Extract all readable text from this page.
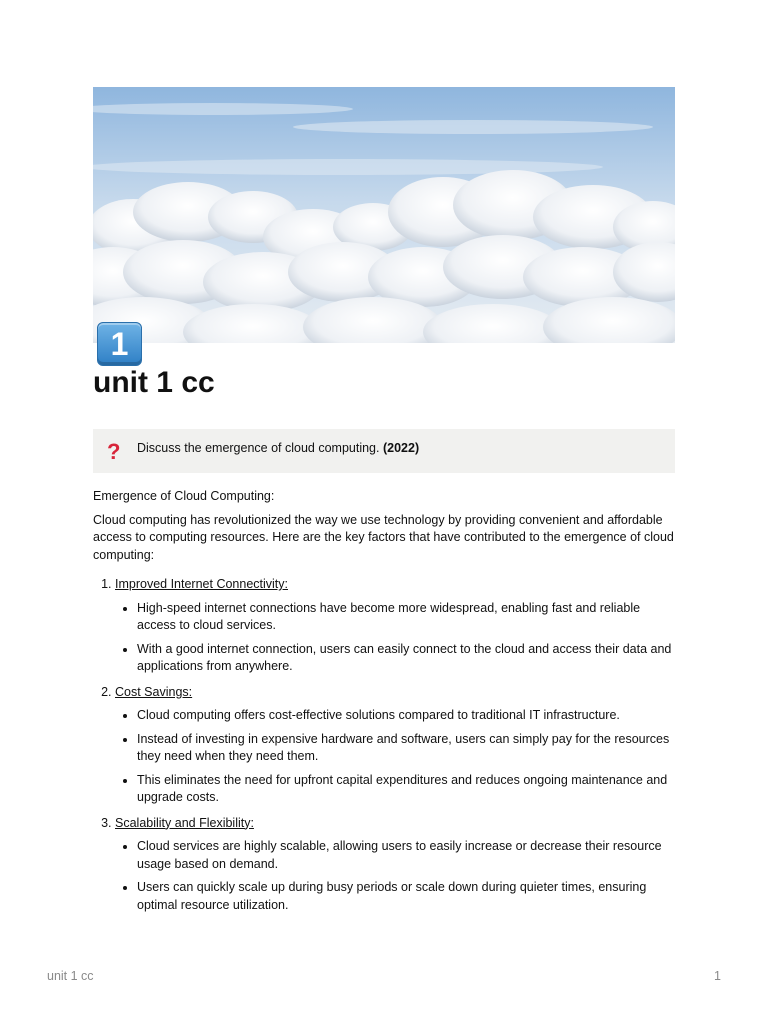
1
unit 1 cc
? Discuss the emergence of cloud computing. (2022)

Emergence of Cloud Computing:

Cloud computing has revolutionized the way we use technology by providing convenient and affordable access to computing resources. Here are the key factors that have contributed to the emergence of cloud computing:

1. Improved Internet Connectivity:
• High-speed internet connections have become more widespread, enabling fast and reliable access to cloud services.
• With a good internet connection, users can easily connect to the cloud and access their data and applications from anywhere.
2. Cost Savings:
• Cloud computing offers cost-effective solutions compared to traditional IT infrastructure.
• Instead of investing in expensive hardware and software, users can simply pay for the resources they need when they need them.
• This eliminates the need for upfront capital expenditures and reduces ongoing maintenance and upgrade costs.
3. Scalability and Flexibility:
• Cloud services are highly scalable, allowing users to easily increase or decrease their resource usage based on demand.
• Users can quickly scale up during busy periods or scale down during quieter times, ensuring optimal resource utilization.
unit 1 cc	1
